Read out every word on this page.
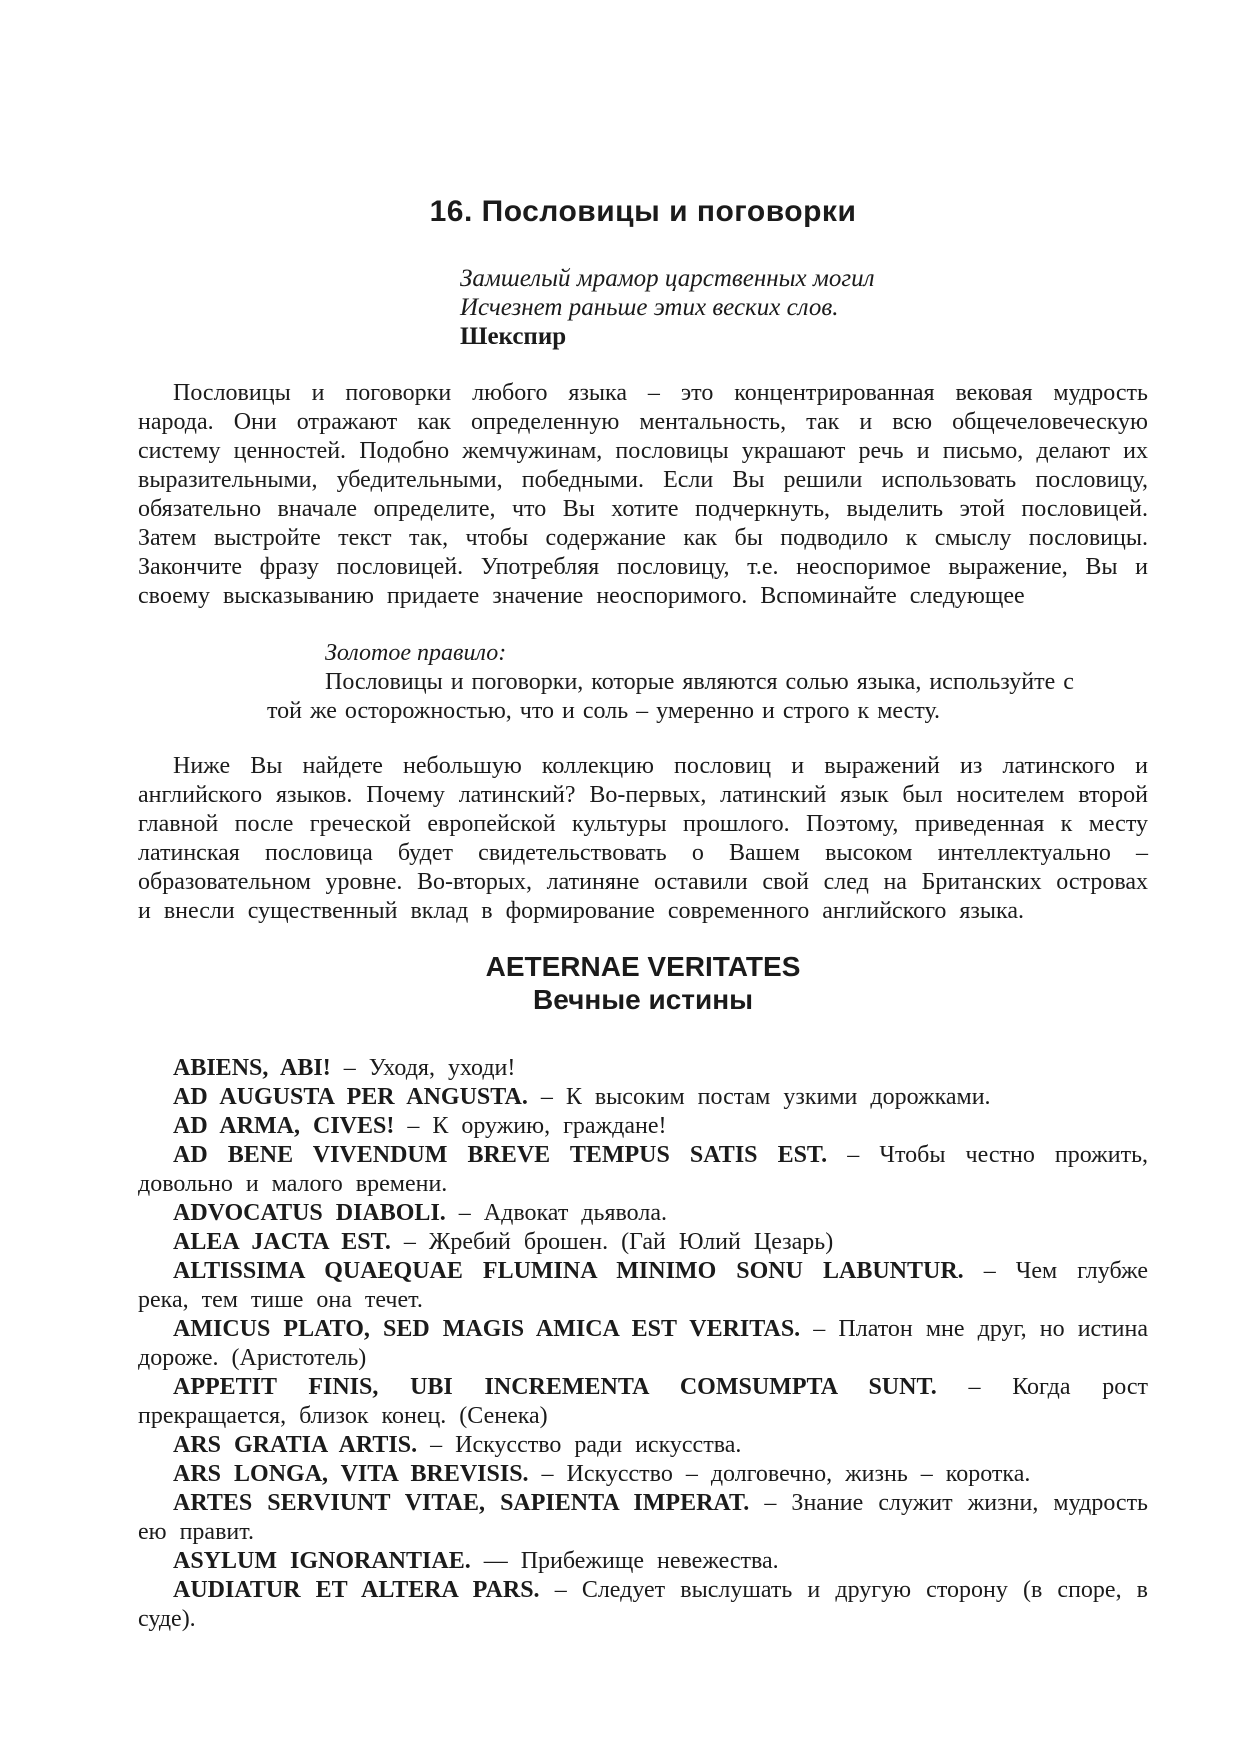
16. Пословицы и поговорки
Замшелый мрамор царственных могил
Исчезнет раньше этих веских слов.
Шекспир

Пословицы и поговорки любого языка – это концентрированная вековая мудрость народа. Они отражают как определенную ментальность, так и всю общечеловеческую систему ценностей. Подобно жемчужинам, пословицы украшают речь и письмо, делают их выразительными, убедительными, победными. Если Вы решили использовать пословицу, обязательно вначале определите, что Вы хотите подчеркнуть, выделить этой пословицей. Затем выстройте текст так, чтобы содержание как бы подводило к смыслу пословицы. Закончите фразу пословицей. Употребляя пословицу, т.е. неоспоримое выражение, Вы и своему высказыванию придаете значение неоспоримого. Вспоминайте следующее

Золотое правило:

Пословицы и поговорки, которые являются солью языка, используйте с той же осторожностью, что и соль – умеренно и строго к месту.

Ниже Вы найдете небольшую коллекцию пословиц и выражений из латинского и английского языков. Почему латинский? Во-первых, латинский язык был носителем второй главной после греческой европейской культуры прошлого. Поэтому, приведенная к месту латинская пословица будет свидетельствовать о Вашем высоком интеллектуально – образовательном уровне. Во-вторых, латиняне оставили свой след на Британских островах и внесли существенный вклад в формирование современного английского языка.

AETERNAE VERITATES
Вечные истины

ABIENS, ABI! – Уходя, уходи!

AD AUGUSTA PER ANGUSTA. – К высоким постам узкими дорожками.

AD ARMA, CIVES! – К оружию, граждане!

AD BENE VIVENDUM BREVE TEMPUS SATIS EST. – Чтобы честно прожить, довольно и малого времени.

ADVOCATUS DIABOLI. – Адвокат дьявола.

ALEA JACTA EST. – Жребий брошен. (Гай Юлий Цезарь)

ALTISSIMA QUAEQUAE FLUMINA MINIMO SONU LABUNTUR. – Чем глубже река, тем тише она течет.

AMICUS PLATO, SED MAGIS AMICA EST VERITAS. – Платон мне друг, но истина дороже. (Аристотель)

APPETIT FINIS, UBI INCREMENTA COMSUMPTA SUNT. – Когда рост прекращается, близок конец. (Сенека)

ARS GRATIA ARTIS. – Искусство ради искусства.

ARS LONGA, VITA BREVISIS. – Искусство – долговечно, жизнь – коротка.

ARTES SERVIUNT VITAE, SAPIENTA IMPERAT. – Знание служит жизни, мудрость ею правит.

ASYLUM IGNORANTIAE. — Прибежище невежества.

AUDIATUR ET ALTERA PARS. – Следует выслушать и другую сторону (в споре, в суде).
